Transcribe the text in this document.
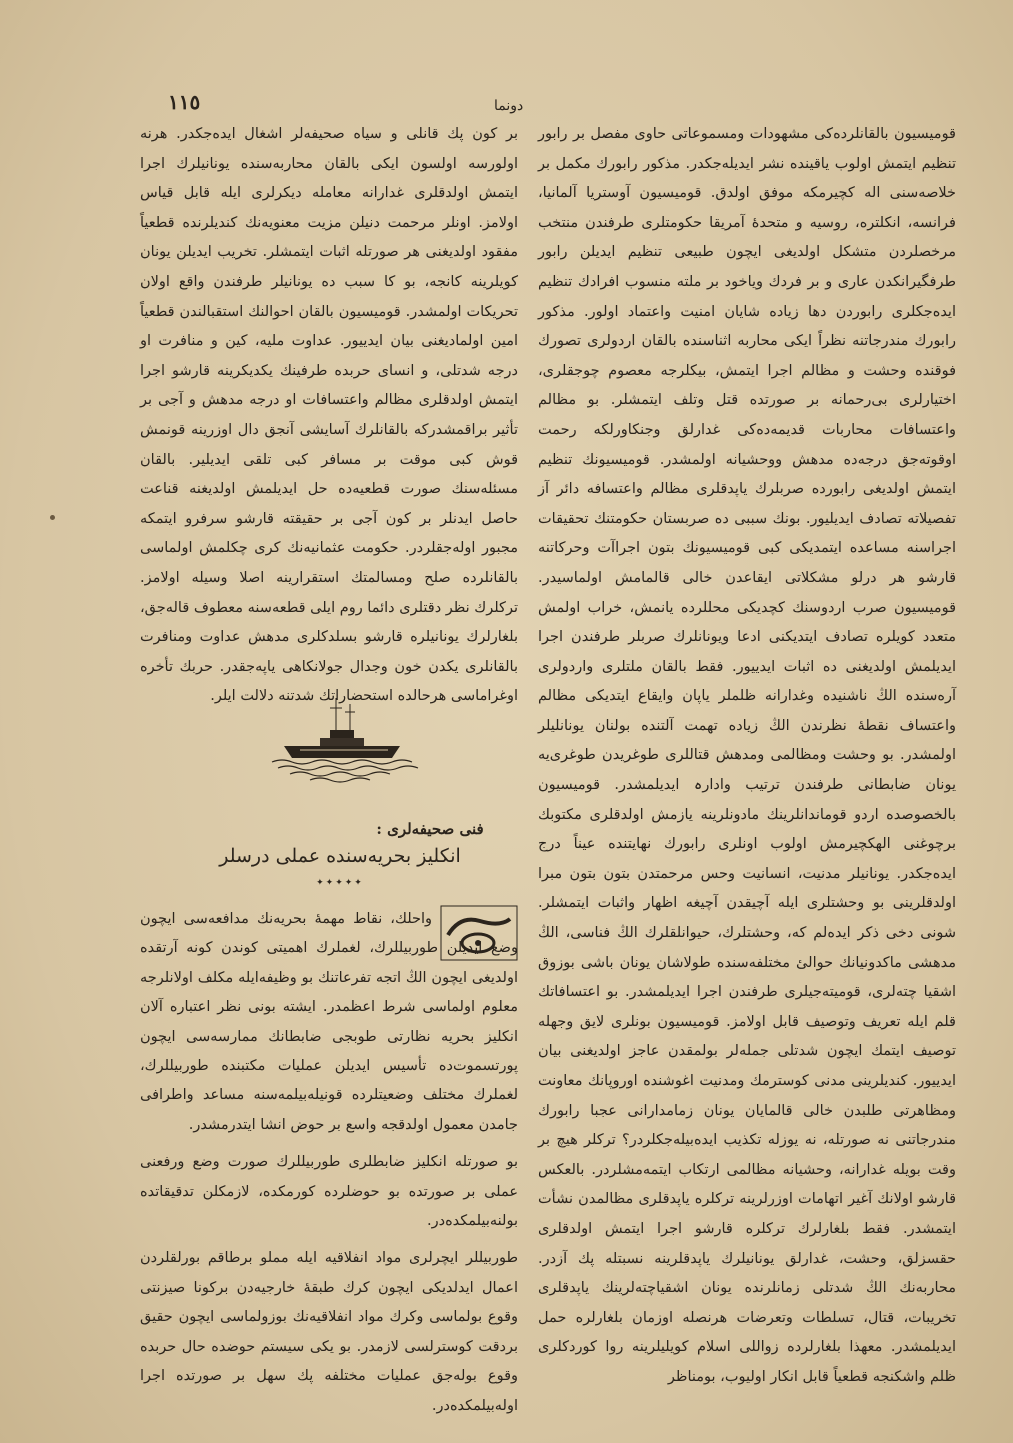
١١٥	دونما

قومیسیون بالقانلرده‌کی مشهودات ومسموعاتی حاوی مفصل بر رابور تنظیم ایتمش اولوب یاقینده نشر ایدیله‌جکدر. مذکور رابورك مکمل بر خلاصه‌سنی اله کچیرمکه موفق اولدق. قومیسیون آوستریا آلمانیا، فرانسه، انکلتره، روسیه و متحدهٔ آمریقا حکومتلری طرفندن منتخب مرخصلردن متشکل اولدیغی ایچون طبیعی تنظیم ایدیلن رابور طرفگیرانکدن عاری و بر فردك ویاخود بر ملته منسوب افرادك تنظیم ایده‌جکلری رابوردن دها زیاده شایان امنیت واعتماد اولور. مذکور رابورك مندرجاتنه نظراً ایکی محاربه اثناسنده بالقان اردولری تصورك فوقنده وحشت و مظالم اجرا ایتمش، بیکلرجه معصوم چوجقلری، اختیارلری بی‌رحمانه بر صورتده قتل وتلف ایتمشلر. بو مظالم واعتسافات محاربات قدیمه‌ده‌کی غدارلق وجنکاورلکه رحمت اوقوته‌جق درجه‌ده مدهش ووحشیانه اولمشدر. قومیسیونك تنظیم ایتمش اولدیغی رابورده صربلرك یاپدقلری مظالم واعتسافه دائر آز تفصیلاته تصادف ایدیلیور. بونك سببی ده صربستان حکومتنك تحقیقات اجراسنه مساعده ایتمدیکی کبی قومیسیونك بتون اجراآت وحرکاتنه قارشو هر درلو مشکلاتی ایقاعدن خالی قالمامش اولماسیدر. قومیسیون صرب اردوسنك کچدیکی محللرده یانمش، خراب اولمش متعدد کویلره تصادف ایتدیکنی ادعا ویونانلرك صربلر طرفندن اجرا ایدیلمش اولدیغنی ده اثبات ایدییور. فقط بالقان ملتلری واردولری آره‌سنده الڭ ناشنیده وغدارانه ظلملر یاپان وایقاع ایتدیکی مظالم واعتساف نقطهٔ نظرندن الڭ زیاده تهمت آلتنده بولنان یونانلیلر اولمشدر. بو وحشت ومظالمی ومدهش قتاللری طوغریدن طوغری‌یه یونان ضابطانی طرفندن ترتیب وادارہ ایدیلمشدر. قومیسیون بالخصوصده اردو قوماندانلرینك مادونلرینه یازمش اولدقلری مکتوبك برچوغنی الهکچیرمش اولوب اونلری رابورك نهایتنده عیناً درج ایده‌جکدر. یونانیلر مدنیت، انسانیت وحس مرحمتدن بتون بتون مبرا اولدقلرینی بو وحشتلری ایله آچیقدن آچیغه اظهار واثبات ایتمشلر. شونی دخی ذکر ایده‌لم که، وحشتلرك، حیوانلقلرك الڭ فناسی، الڭ مدهشی ماکدونیانك حوالیٔ مختلفه‌سنده طولاشان یونان باشی بوزوق اشقیا چته‌لری، قومیته‌جیلری طرفندن اجرا ایدیلمشدر. بو اعتسافاتك قلم ایله تعریف وتوصیف قابل اولامز. قومیسیون بونلری لایق وجهله توصیف ایتمك ایچون شدتلی جمله‌لر بولمقدن عاجز اولدیغنی بیان ایدییور. کندیلرینی مدنی کوسترمك ومدنیت اغوشنده اوروپانك معاونت ومظاهرتی طلبدن خالی قالمایان یونان زمامدارانی عجبا رابورك مندرجاتنی نه صورتله، نه یوزله تکذیب ایده‌بیله‌جکلردر؟ ترکلر هیچ بر وقت بویله غدارانه، وحشیانه مظالمی ارتکاب ایتمه‌مشلردر. بالعکس قارشو اولانك آغیر اتهامات اوزرلرینه ترکلره یاپدقلری مظالمدن نشأت ایتمشدر. فقط بلغارلرك ترکلره قارشو اجرا ایتمش اولدقلری حقسزلق، وحشت، غدارلق یونانیلرك یاپدقلرینه نسبتله پك آزدر. محاربه‌نك الڭ شدتلی زمانلرنده یونان اشقیاچته‌لرینك یاپدقلری تخریبات، قتال، تسلطات وتعرضات هرنصله اوزمان بلغارلره حمل ایدیلمشدر. معهذا بلغارلرده زواللی اسلام کویلیلرینه روا کوردکلری ظلم واشکنجه قطعیاً قابل انکار اولیوب، بومناظر

بر کون پك قانلی و سیاه صحیفه‌لر اشغال ایده‌جکدر. هرنه اولورسه اولسون ایکی بالقان محاربه‌سنده یونانیلرك اجرا ایتمش اولدقلری غدارانه معامله دیکرلری ایله قابل قیاس اولامز. اونلر مرحمت دنیلن مزیت معنویه‌نك کندیلرنده قطعیاً مفقود اولدیغنی هر صورتله اثبات ایتمشلر. تخریب ایدیلن یونان کویلرینه کانجه، بو کا سبب ده یونانیلر طرفندن واقع اولان تحریکات اولمشدر. قومیسیون بالقان احوالنك استقبالندن قطعیاً امین اولمادیغنی بیان ایدییور. عداوت ملیه، کین و منافرت او درجه شدتلی، و انسای حربده طرفینك یکدیکرینه قارشو اجرا ایتمش اولدقلری مظالم واعتسافات او درجه مدهش و آجی بر تأثیر براقمشدرکه بالقانلرك آسایشی آنجق دال اوزرینه قونمش قوش کبی موقت بر مسافر کبی تلقی ایدیلیر. بالقان مسئله‌سنك صورت قطعیه‌ده حل ایدیلمش اولدیغنه قناعت حاصل ایدنلر بر کون آجی بر حقیقته قارشو سرفرو ایتمکه مجبور اوله‌جقلردر. حکومت عثمانیه‌نك کری چکلمش اولماسی بالقانلرده صلح ومسالمتك استقرارینه اصلا وسیله اولامز. ترکلرك نظر دقتلری دائما روم ایلی قطعه‌سنه معطوف قاله‌جق، بلغارلرك یونانیلره قارشو بسلدکلری مدهش عداوت ومنافرت بالقانلری یکدن خون وجدال جولانکاهی یاپه‌جقدر. حربك تأخره اوغراماسی هرحالده استحضاراتك شدتنه دلالت ایلر.

فنی صحیفه‌لری :
انکلیز بحریه‌سنده عملی درسلر
✦✦✦✦✦

واحلك، نقاط مهمهٔ بحریه‌نك مدافعه‌سی ایچون وضع ایدیلن طوربیللرك، لغملرك اهمیتی کوندن کونه آرتقده اولدیغی ایچون الڭ اتجه تفرعاتنك بو وظیفه‌ایله مکلف اولانلرجه معلوم اولماسی شرط اعظمدر. ایشته بونی نظر اعتباره آلان انکلیز بحریه نظارتی طوبجی ضابطانك ممارسه‌سی ایچون پورتسموت‌ده تأسیس ایدیلن عملیات مکتبنده طوربیللرك، لغملرك مختلف وضعیتلرده قونیله‌بیلمه‌سنه مساعد واطرافی جامدن معمول اولدقجه واسع بر حوض انشا ایتدرمشدر.

بو صورتله انکلیز ضابطلری طوربیللرك صورت وضع ورفعنی عملی بر صورتده بو حوضلرده کورمکده، لازمکلن تدقیقاتده بولنه‌بیلمکده‌در.

طوربیللر ایچرلری مواد انفلاقیه ایله مملو برطاقم بورلقلردن اعمال ایدلدیکی ایچون کرك طبقهٔ خارجیه‌دن برکونا صیزنتی وقوع بولماسی وکرك مواد انفلاقیه‌نك بوزولماسی ایچون حقیق بردقت کوسترلسی لازمدر. بو یکی سیستم حوضده حال حربده وقوع بوله‌جق عملیات مختلفه پك سهل بر صورتده اجرا اوله‌بیلمکده‌در.
